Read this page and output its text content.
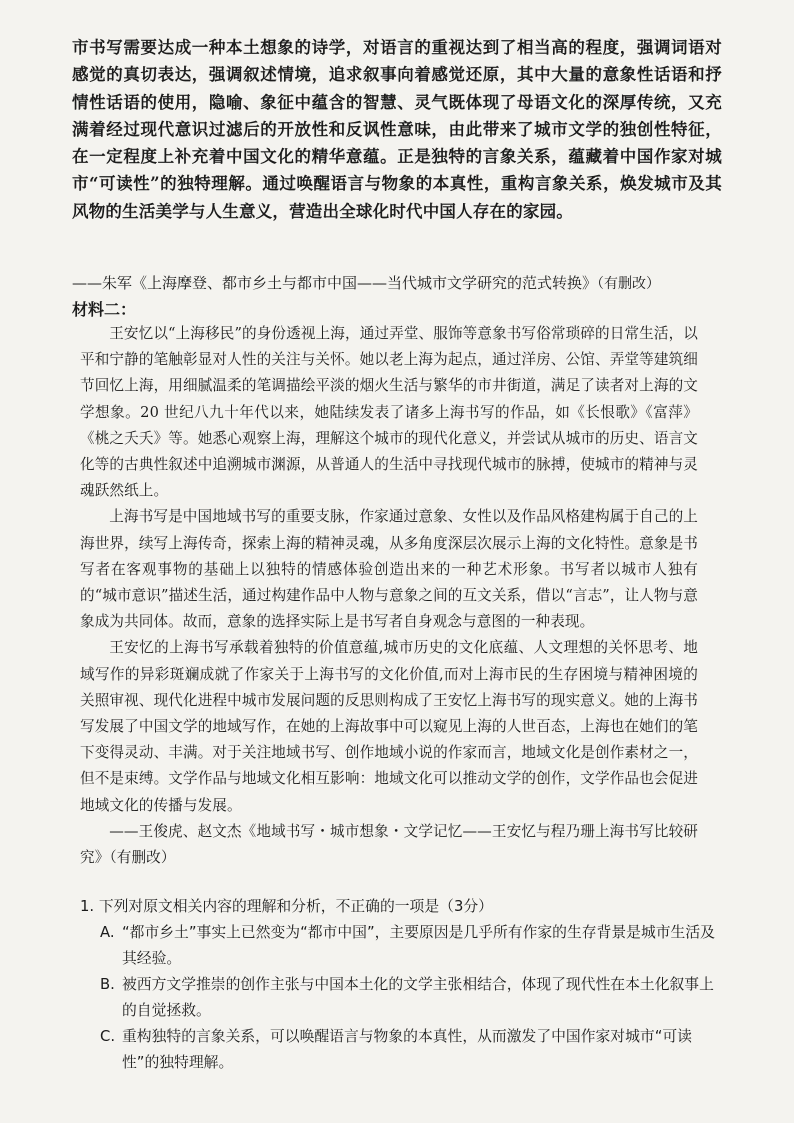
市书写需要达成一种本土想象的诗学，对语言的重视达到了相当高的程度，强调词语对感觉的真切表达，强调叙述情境，追求叙事向着感觉还原，其中大量的意象性话语和抒情性话语的使用，隐喻、象征中蕴含的智慧、灵气既体现了母语文化的深厚传统，又充满着经过现代意识过滤后的开放性和反讽性意味，由此带来了城市文学的独创性特征，在一定程度上补充着中国文化的精华意蕴。正是独特的言象关系，蕴藏着中国作家对城市“可读性”的独特理解。通过唤醒语言与物象的本真性，重构言象关系，焕发城市及其风物的生活美学与人生意义，营造出全球化时代中国人存在的家园。

——朱军《上海摩登、都市乡土与都市中国——当代城市文学研究的范式转换》（有删改）
材料二：

王安忆以“上海移民”的身份透视上海，通过弄堂、服饰等意象书写俗常琐碎的日常生活，以平和宁静的笔触彰显对人性的关注与关怀。她以老上海为起点，通过洋房、公馆、弄堂等建筑细节回忆上海，用细腻温柔的笔调描绘平淡的烟火生活与繁华的市井街道，满足了读者对上海的文学想象。20 世纪八九十年代以来，她陆续发表了诸多上海书写的作品，如《长恨歌》《富萍》《桃之夭夭》等。她悉心观察上海，理解这个城市的现代化意义，并尝试从城市的历史、语言文化等的古典性叙述中追溯城市渊源，从普通人的生活中寻找现代城市的脉搏，使城市的精神与灵魂跃然纸上。

上海书写是中国地域书写的重要支脉，作家通过意象、女性以及作品风格建构属于自己的上海世界，续写上海传奇，探索上海的精神灵魂，从多角度深层次展示上海的文化特性。意象是书写者在客观事物的基础上以独特的情感体验创造出来的一种艺术形象。书写者以城市人独有的“城市意识”描述生活，通过构建作品中人物与意象之间的互文关系，借以“言志”，让人物与意象成为共同体。故而，意象的选择实际上是书写者自身观念与意图的一种表现。

王安忆的上海书写承载着独特的价值意蕴,城市历史的文化底蕴、人文理想的关怀思考、地域写作的异彩斑斓成就了作家关于上海书写的文化价值,而对上海市民的生存困境与精神困境的关照审视、现代化进程中城市发展问题的反思则构成了王安忆上海书写的现实意义。她的上海书写发展了中国文学的地域写作，在她的上海故事中可以窥见上海的人世百态，上海也在她们的笔下变得灵动、丰满。对于关注地域书写、创作地域小说的作家而言，地域文化是创作素材之一，但不是束缚。文学作品与地域文化相互影响：地域文化可以推动文学的创作，文学作品也会促进地域文化的传播与发展。

——王俊虎、赵文杰《地域书写・城市想象・文学记忆——王安忆与程乃珊上海书写比较研究》（有删改）

1. 下列对原文相关内容的理解和分析，不正确的一项是（3分）

A. “都市乡土”事实上已然变为“都市中国”，主要原因是几乎所有作家的生存背景是城市生活及其经验。
B. 被西方文学推崇的创作主张与中国本土化的文学主张相结合，体现了现代性在本土化叙事上的自觉拯救。
C. 重构独特的言象关系，可以唤醒语言与物象的本真性，从而激发了中国作家对城市“可读性”的独特理解。
